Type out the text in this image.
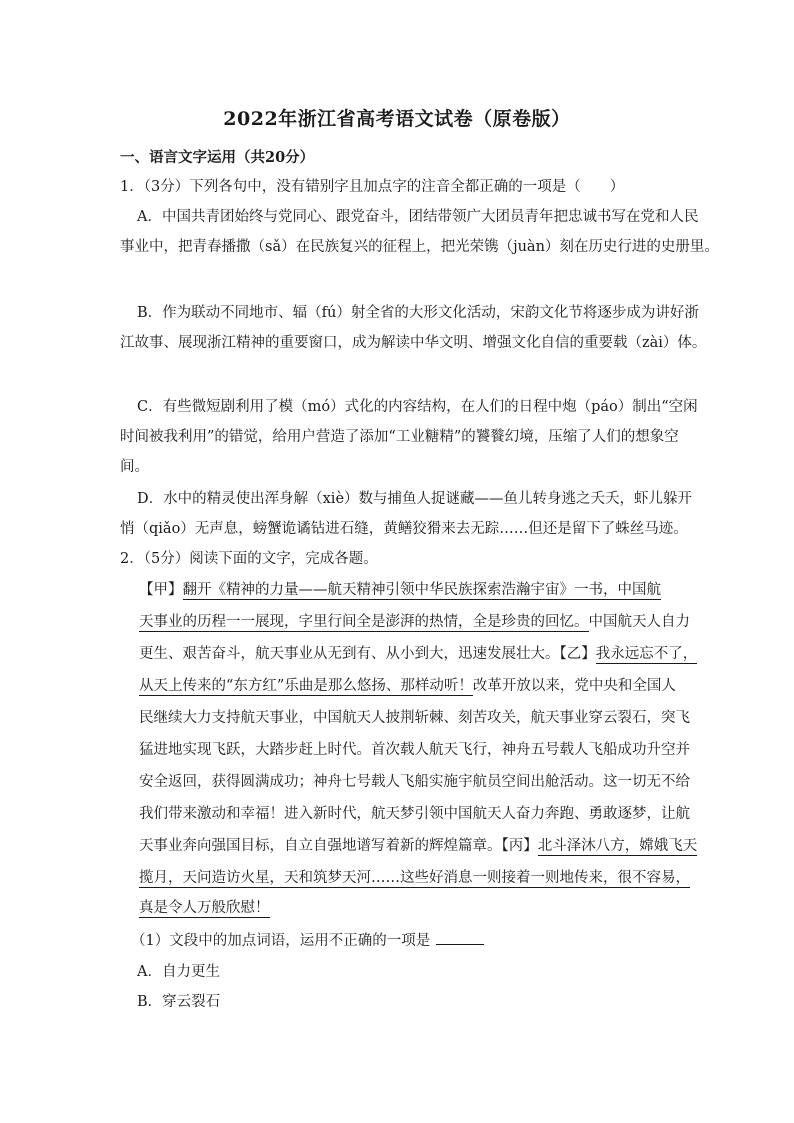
2022年浙江省高考语文试卷（原卷版）
一、语言文字运用（共20分）
1．（3分）下列各句中，没有错别字且加点字的注音全都正确的一项是（　　）
A．中国共青团始终与党同心、跟党奋斗，团结带领广大团员青年把忠诚书写在党和人民
事业中，把青春播撒（sǎ）在民族复兴的征程上，把光荣镌（juàn）刻在历史行进的史册里。
B．作为联动不同地市、辐（fú）射全省的大形文化活动，宋韵文化节将逐步成为讲好浙
江故事、展现浙江精神的重要窗口，成为解读中华文明、增强文化自信的重要载（zài）体。
C．有些微短剧利用了模（mó）式化的内容结构，在人们的日程中炮（páo）制出“空闲
时间被我利用”的错觉，给用户营造了添加“工业糖精”的饕餮幻境，压缩了人们的想象空
间。
D．水中的精灵使出浑身解（xiè）数与捕鱼人捉谜藏——鱼儿转身逃之夭夭，虾儿躲开
悄（qiǎo）无声息，螃蟹诡谲钻进石缝，黄鳝狡猾来去无踪……但还是留下了蛛丝马迹。
2．（5分）阅读下面的文字，完成各题。
【甲】翻开《精神的力量——航天精神引领中华民族探索浩瀚宇宙》一书，中国航
天事业的历程一一展现，字里行间全是澎湃的热情，全是珍贵的回忆。中国航天人自力
更生、艰苦奋斗，航天事业从无到有、从小到大，迅速发展壮大。【乙】我永远忘不了，
从天上传来的“东方红”乐曲是那么悠扬、那样动听！改革开放以来，党中央和全国人
民继续大力支持航天事业，中国航天人披荆斩棘、刻苦攻关，航天事业穿云裂石，突飞
猛进地实现飞跃，大踏步赶上时代。首次载人航天飞行，神舟五号载人飞船成功升空并
安全返回，获得圆满成功；神舟七号载人飞船实施宇航员空间出舱活动。这一切无不给
我们带来激动和幸福！进入新时代，航天梦引领中国航天人奋力奔跑、勇敢逐梦，让航
天事业奔向强国目标，自立自强地谱写着新的辉煌篇章。【丙】北斗泽沐八方，嫦娥飞天
揽月，天问造访火星，天和筑梦天河……这些好消息一则接着一则地传来，很不容易，
真是令人万般欣慰！
（1）文段中的加点词语，运用不正确的一项是
A．自力更生
B．穿云裂石
